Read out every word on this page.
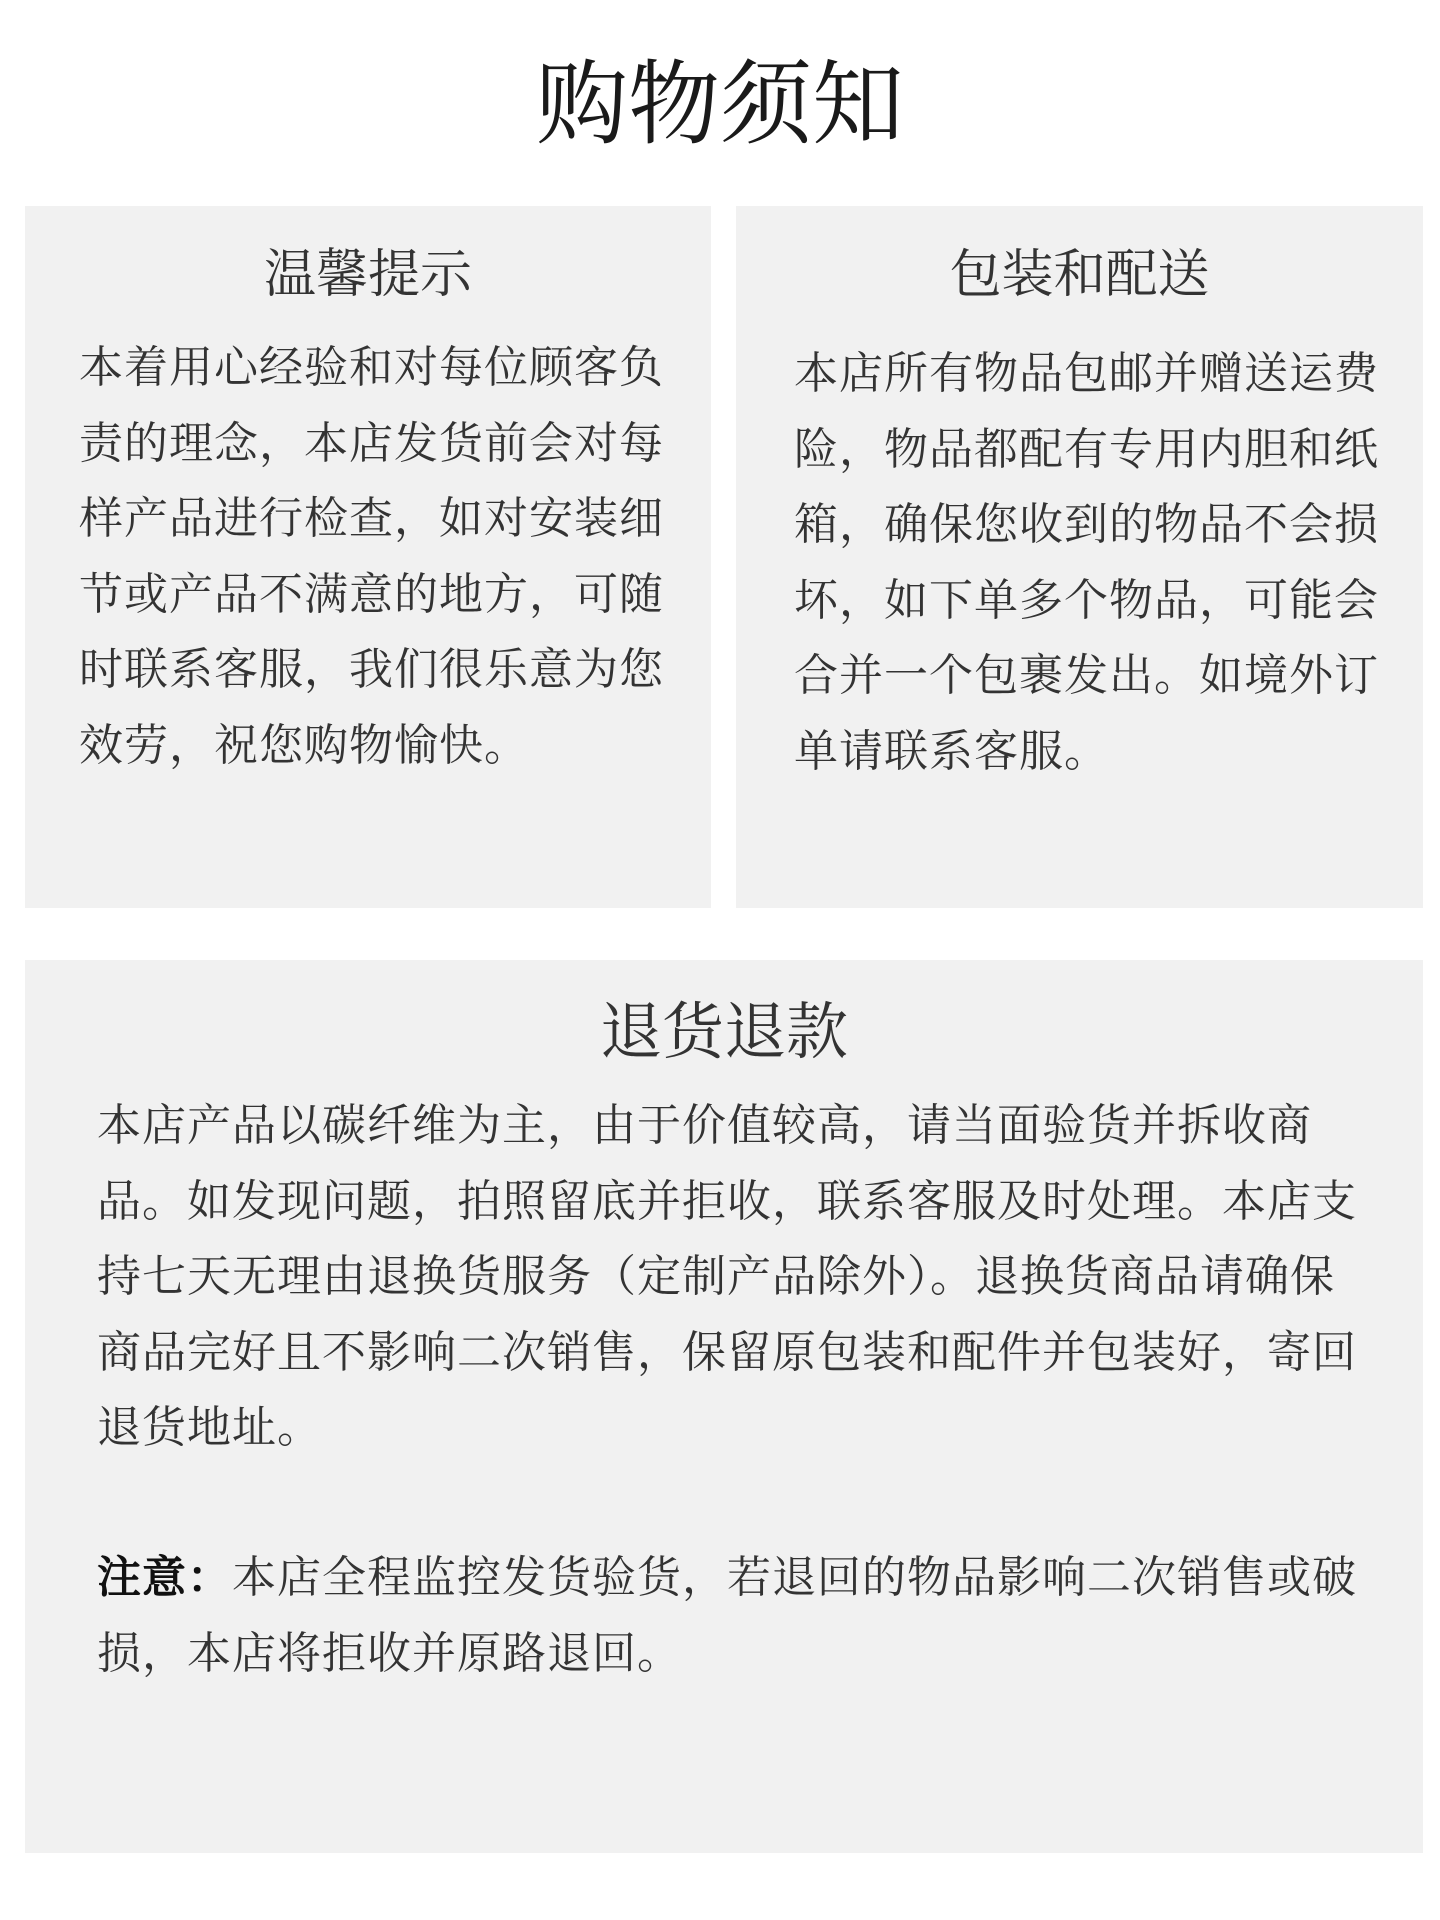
购物须知
温馨提示

本着用心经验和对每位顾客负责的理念，本店发货前会对每样产品进行检查，如对安装细节或产品不满意的地方，可随时联系客服，我们很乐意为您效劳，祝您购物愉快。

包装和配送

本店所有物品包邮并赠送运费险，物品都配有专用内胆和纸箱，确保您收到的物品不会损坏，如下单多个物品，可能会合并一个包裹发出。如境外订单请联系客服。

退货退款

本店产品以碳纤维为主，由于价值较高，请当面验货并拆收商品。如发现问题，拍照留底并拒收，联系客服及时处理。本店支持七天无理由退换货服务（定制产品除外）。退换货商品请确保商品完好且不影响二次销售，保留原包装和配件并包装好，寄回退货地址。

注意：本店全程监控发货验货，若退回的物品影响二次销售或破损，本店将拒收并原路退回。
